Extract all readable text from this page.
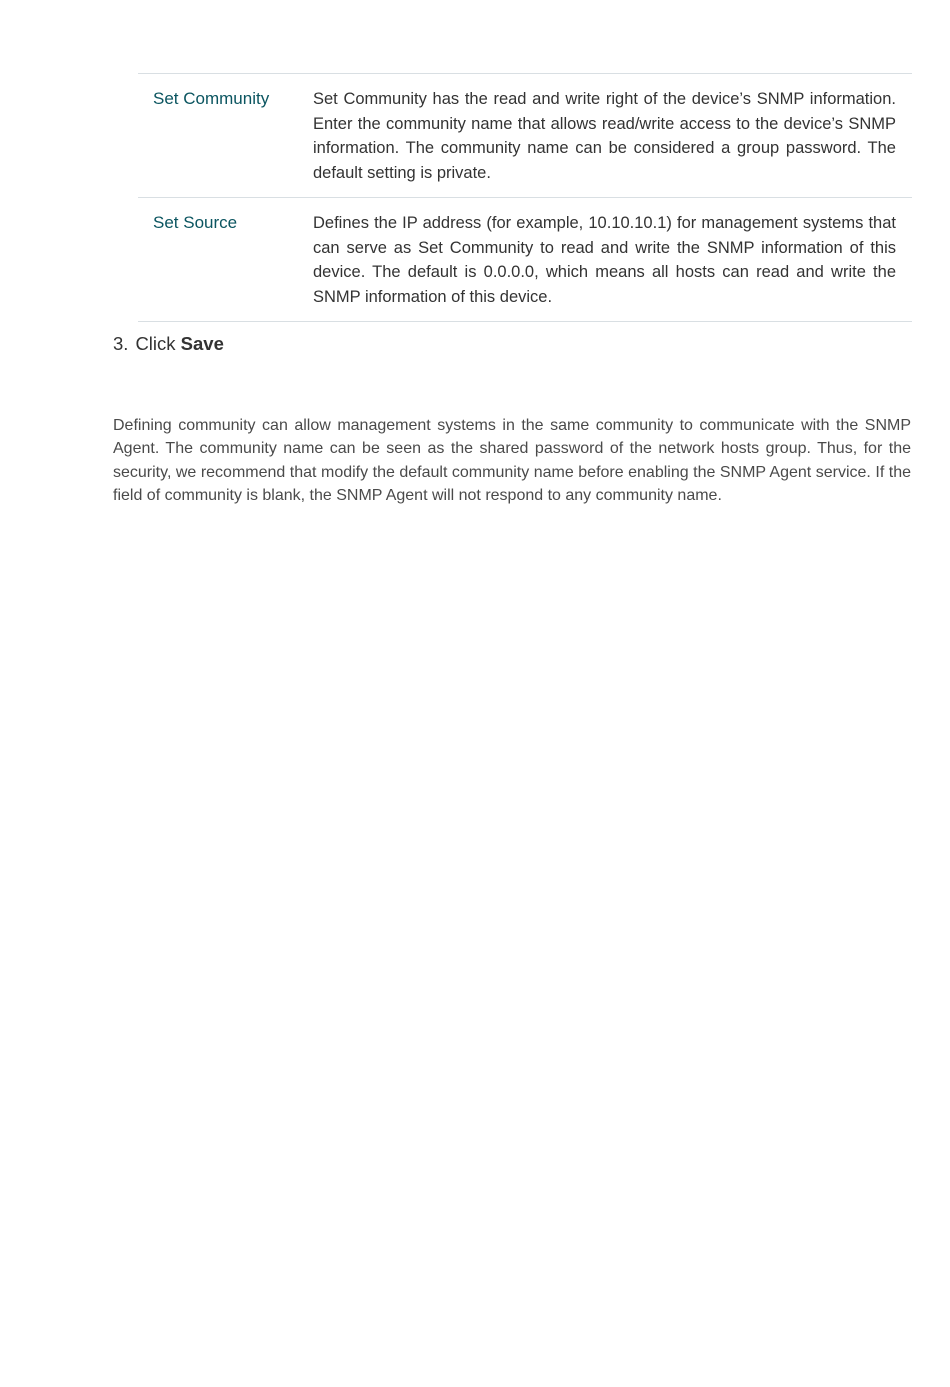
Set Community	Set Community has the read and write right of the device’s SNMP information. Enter the community name that allows read/write access to the device’s SNMP information. The community name can be considered a group password. The default setting is private.
Set Source	Defines the IP address (for example, 10.10.10.1) for management systems that can serve as Set Community to read and write the SNMP information of this device. The default is 0.0.0.0, which means all hosts can read and write the SNMP information of this device.
3. Click Save

Defining community can allow management systems in the same community to communicate with the SNMP Agent. The community name can be seen as the shared password of the network hosts group. Thus, for the security, we recommend that modify the default community name before enabling the SNMP Agent service. If the field of community is blank, the SNMP Agent will not respond to any community name.
